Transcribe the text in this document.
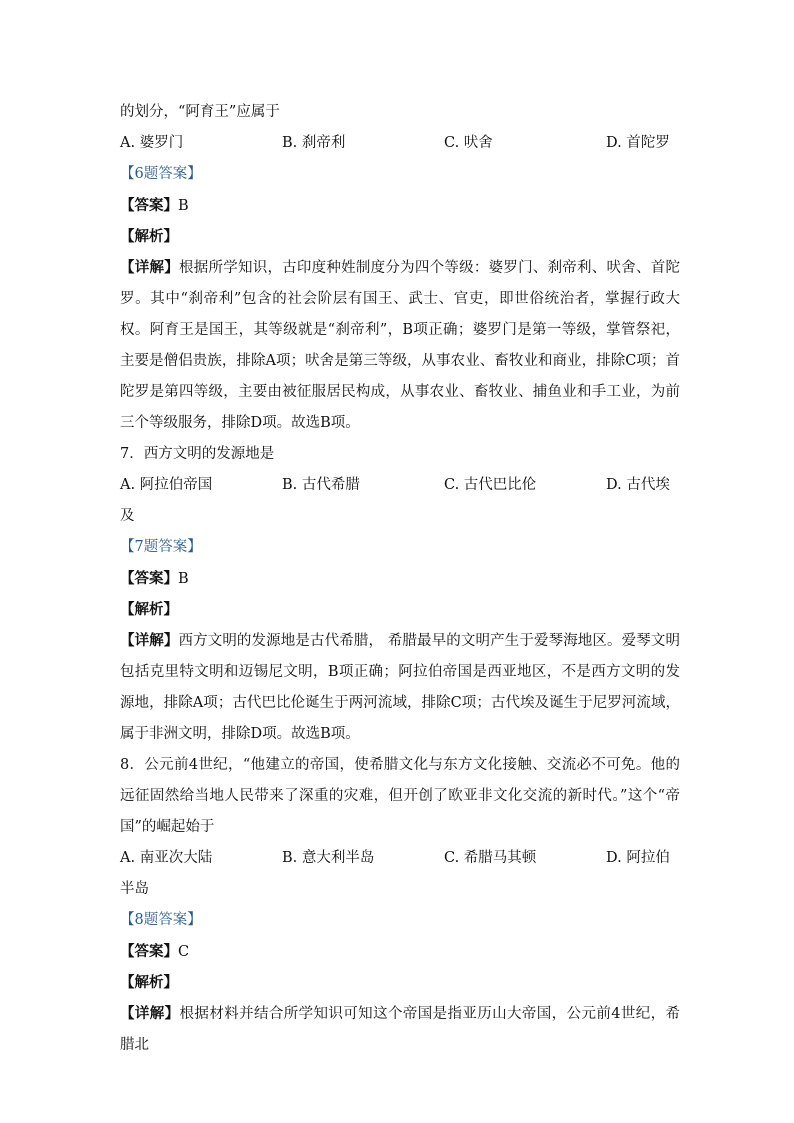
的划分，“阿育王”应属于
A. 婆罗门	B. 刹帝利	C. 吠舍	D. 首陀罗
【6题答案】
【答案】B
【解析】
【详解】根据所学知识，古印度种姓制度分为四个等级：婆罗门、刹帝利、吠舍、首陀罗。其中“刹帝利”包含的社会阶层有国王、武士、官吏，即世俗统治者，掌握行政大权。阿育王是国王，其等级就是“刹帝利”，B项正确；婆罗门是第一等级，掌管祭祀，主要是僧侣贵族，排除A项；吠舍是第三等级，从事农业、畜牧业和商业，排除C项；首陀罗是第四等级，主要由被征服居民构成，从事农业、畜牧业、捕鱼业和手工业，为前三个等级服务，排除D项。故选B项。
7．西方文明的发源地是
A. 阿拉伯帝国	B. 古代希腊	C. 古代巴比伦	D. 古代埃
及
【7题答案】
【答案】B
【解析】
【详解】西方文明的发源地是古代希腊， 希腊最早的文明产生于爱琴海地区。爱琴文明包括克里特文明和迈锡尼文明，B项正确；阿拉伯帝国是西亚地区，不是西方文明的发源地，排除A项；古代巴比伦诞生于两河流域，排除C项；古代埃及诞生于尼罗河流域，属于非洲文明，排除D项。故选B项。
8．公元前4世纪，“他建立的帝国，使希腊文化与东方文化接触、交流必不可免。他的远征固然给当地人民带来了深重的灾难，但开创了欧亚非文化交流的新时代。”这个“帝国”的崛起始于
A. 南亚次大陆	B. 意大利半岛	C. 希腊马其顿	D. 阿拉伯
半岛
【8题答案】
【答案】C
【解析】
【详解】根据材料并结合所学知识可知这个帝国是指亚历山大帝国，公元前4世纪，希腊北
